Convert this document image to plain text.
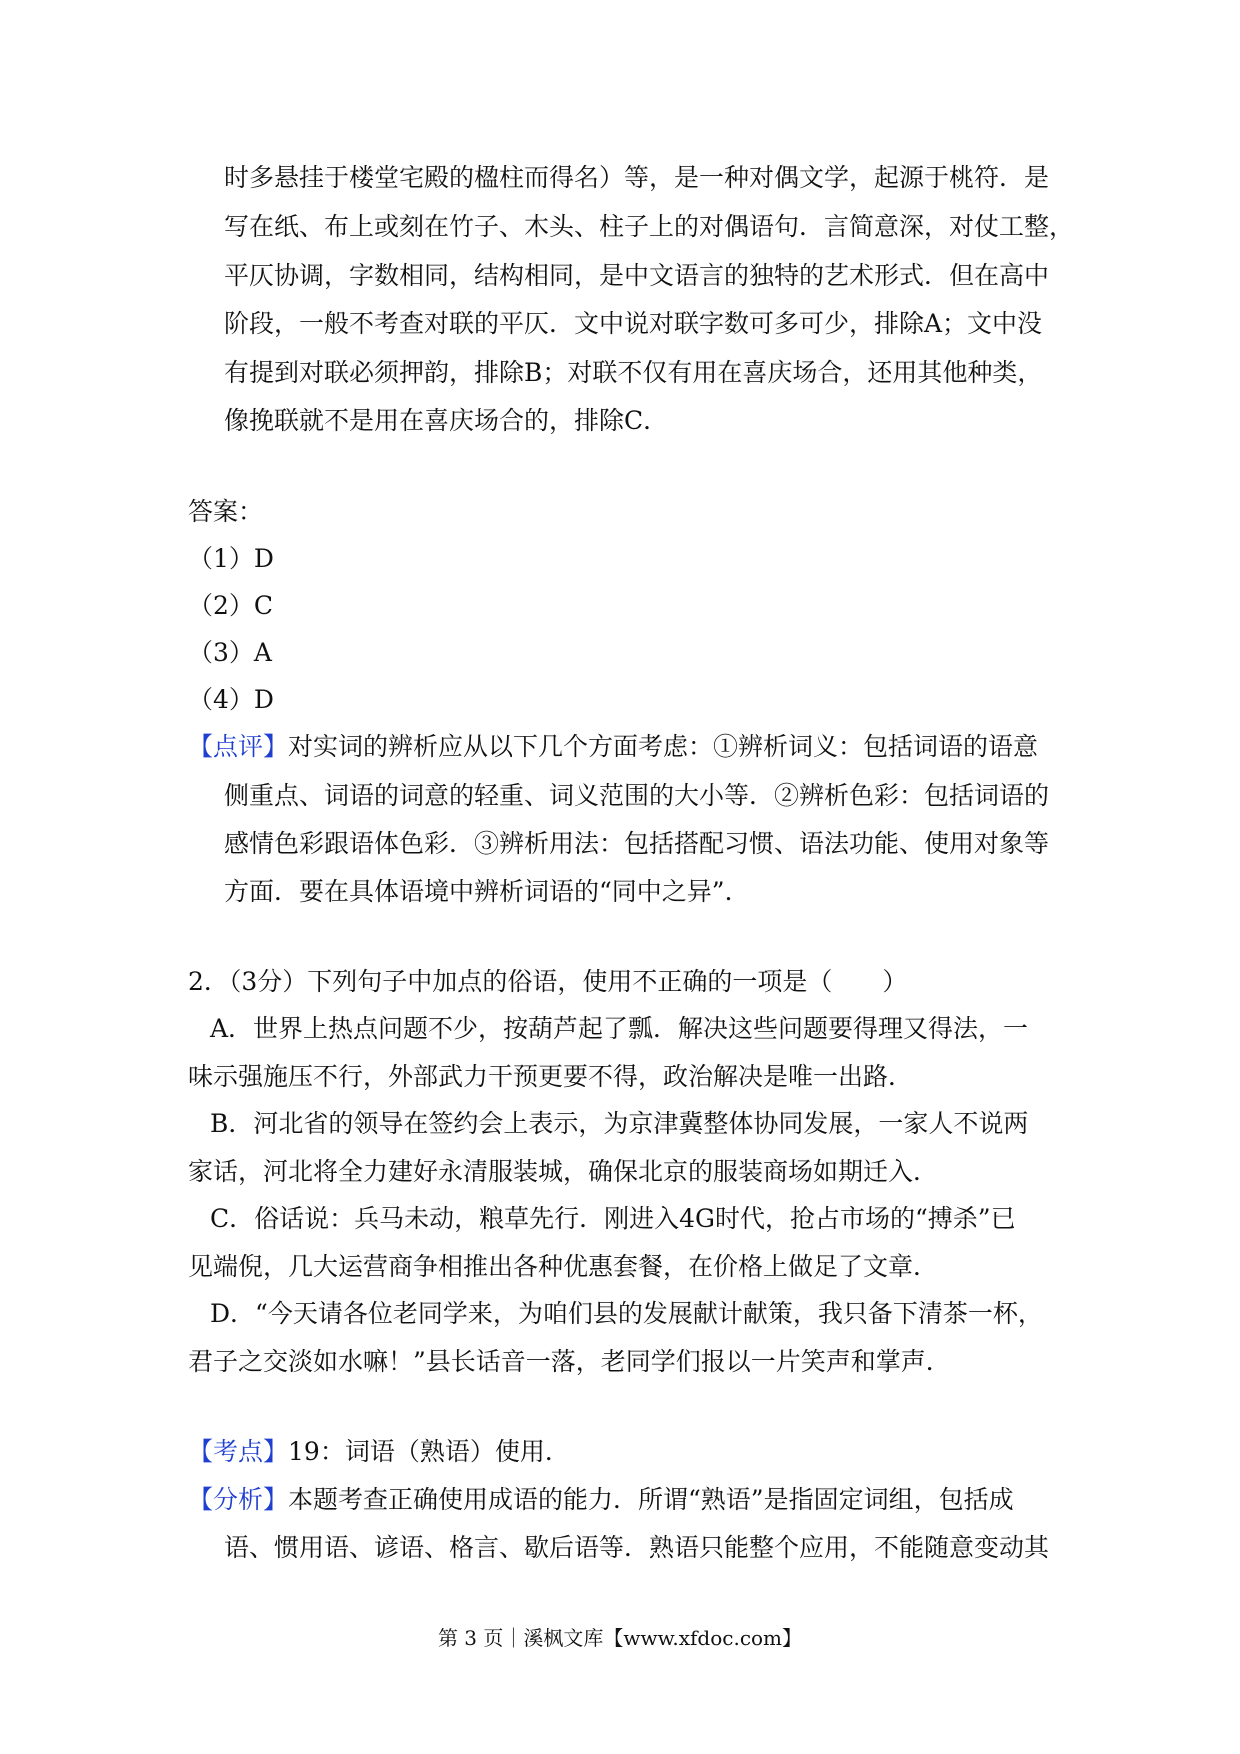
时多悬挂于楼堂宅殿的楹柱而得名）等，是一种对偶文学，起源于桃符．是

写在纸、布上或刻在竹子、木头、柱子上的对偶语句．言简意深，对仗工整，

平仄协调，字数相同，结构相同，是中文语言的独特的艺术形式．但在高中

阶段，一般不考查对联的平仄．文中说对联字数可多可少，排除A；文中没

有提到对联必须押韵，排除B；对联不仅有用在喜庆场合，还用其他种类，

像挽联就不是用在喜庆场合的，排除C．

答案：

（1）D

（2）C

（3）A

（4）D

【点评】对实词的辨析应从以下几个方面考虑：①辨析词义：包括词语的语意

侧重点、词语的词意的轻重、词义范围的大小等．②辨析色彩：包括词语的

感情色彩跟语体色彩．③辨析用法：包括搭配习惯、语法功能、使用对象等

方面．要在具体语境中辨析词语的“同中之异”．

2．（3分）下列句子中加点的俗语，使用不正确的一项是（　　）

A．世界上热点问题不少，按葫芦起了瓢．解决这些问题要得理又得法，一

味示强施压不行，外部武力干预更要不得，政治解决是唯一出路．

B．河北省的领导在签约会上表示，为京津冀整体协同发展，一家人不说两

家话，河北将全力建好永清服装城，确保北京的服装商场如期迁入．

C．俗话说：兵马未动，粮草先行．刚进入4G时代，抢占市场的“搏杀”已

见端倪，几大运营商争相推出各种优惠套餐，在价格上做足了文章．

D．“今天请各位老同学来，为咱们县的发展献计献策，我只备下清茶一杯，

君子之交淡如水嘛！”县长话音一落，老同学们报以一片笑声和掌声．

【考点】19：词语（熟语）使用．

【分析】本题考查正确使用成语的能力．所谓“熟语”是指固定词组，包括成

语、惯用语、谚语、格言、歇后语等．熟语只能整个应用，不能随意变动其

第 3 页｜溪枫文库【www.xfdoc.com】
